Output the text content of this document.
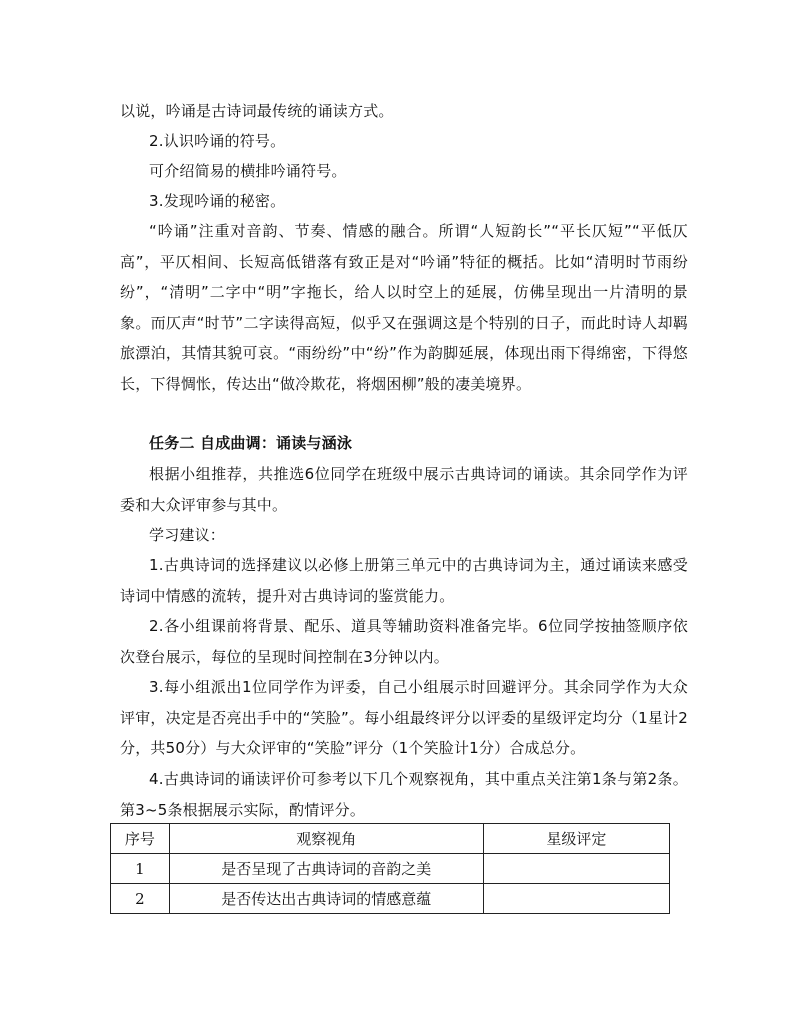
以说，吟诵是古诗词最传统的诵读方式。
2.认识吟诵的符号。
可介绍简易的横排吟诵符号。
3.发现吟诵的秘密。
“吟诵”注重对音韵、节奏、情感的融合。所谓“人短韵长”“平长仄短”“平低仄高”，平仄相间、长短高低错落有致正是对“吟诵”特征的概括。比如“清明时节雨纷纷”，“清明”二字中“明”字拖长，给人以时空上的延展，仿佛呈现出一片清明的景象。而仄声“时节”二字读得高短，似乎又在强调这是个特别的日子，而此时诗人却羁旅漂泊，其情其貌可哀。“雨纷纷”中“纷”作为韵脚延展，体现出雨下得绵密，下得悠长，下得惆怅，传达出“做冷欺花，将烟困柳”般的凄美境界。
任务二 自成曲调：诵读与涵泳
根据小组推荐，共推选6位同学在班级中展示古典诗词的诵读。其余同学作为评委和大众评审参与其中。
学习建议：
1.古典诗词的选择建议以必修上册第三单元中的古典诗词为主，通过诵读来感受诗词中情感的流转，提升对古典诗词的鉴赏能力。
2.各小组课前将背景、配乐、道具等辅助资料准备完毕。6位同学按抽签顺序依次登台展示，每位的呈现时间控制在3分钟以内。
3.每小组派出1位同学作为评委，自己小组展示时回避评分。其余同学作为大众评审，决定是否亮出手中的“笑脸”。每小组最终评分以评委的星级评定均分（1星计2分，共50分）与大众评审的“笑脸”评分（1个笑脸计1分）合成总分。
4.古典诗词的诵读评价可参考以下几个观察视角，其中重点关注第1条与第2条。第3~5条根据展示实际，酌情评分。
序号	观察视角	星级评定
1	是否呈现了古典诗词的音韵之美	
2	是否传达出古典诗词的情感意蕴	
